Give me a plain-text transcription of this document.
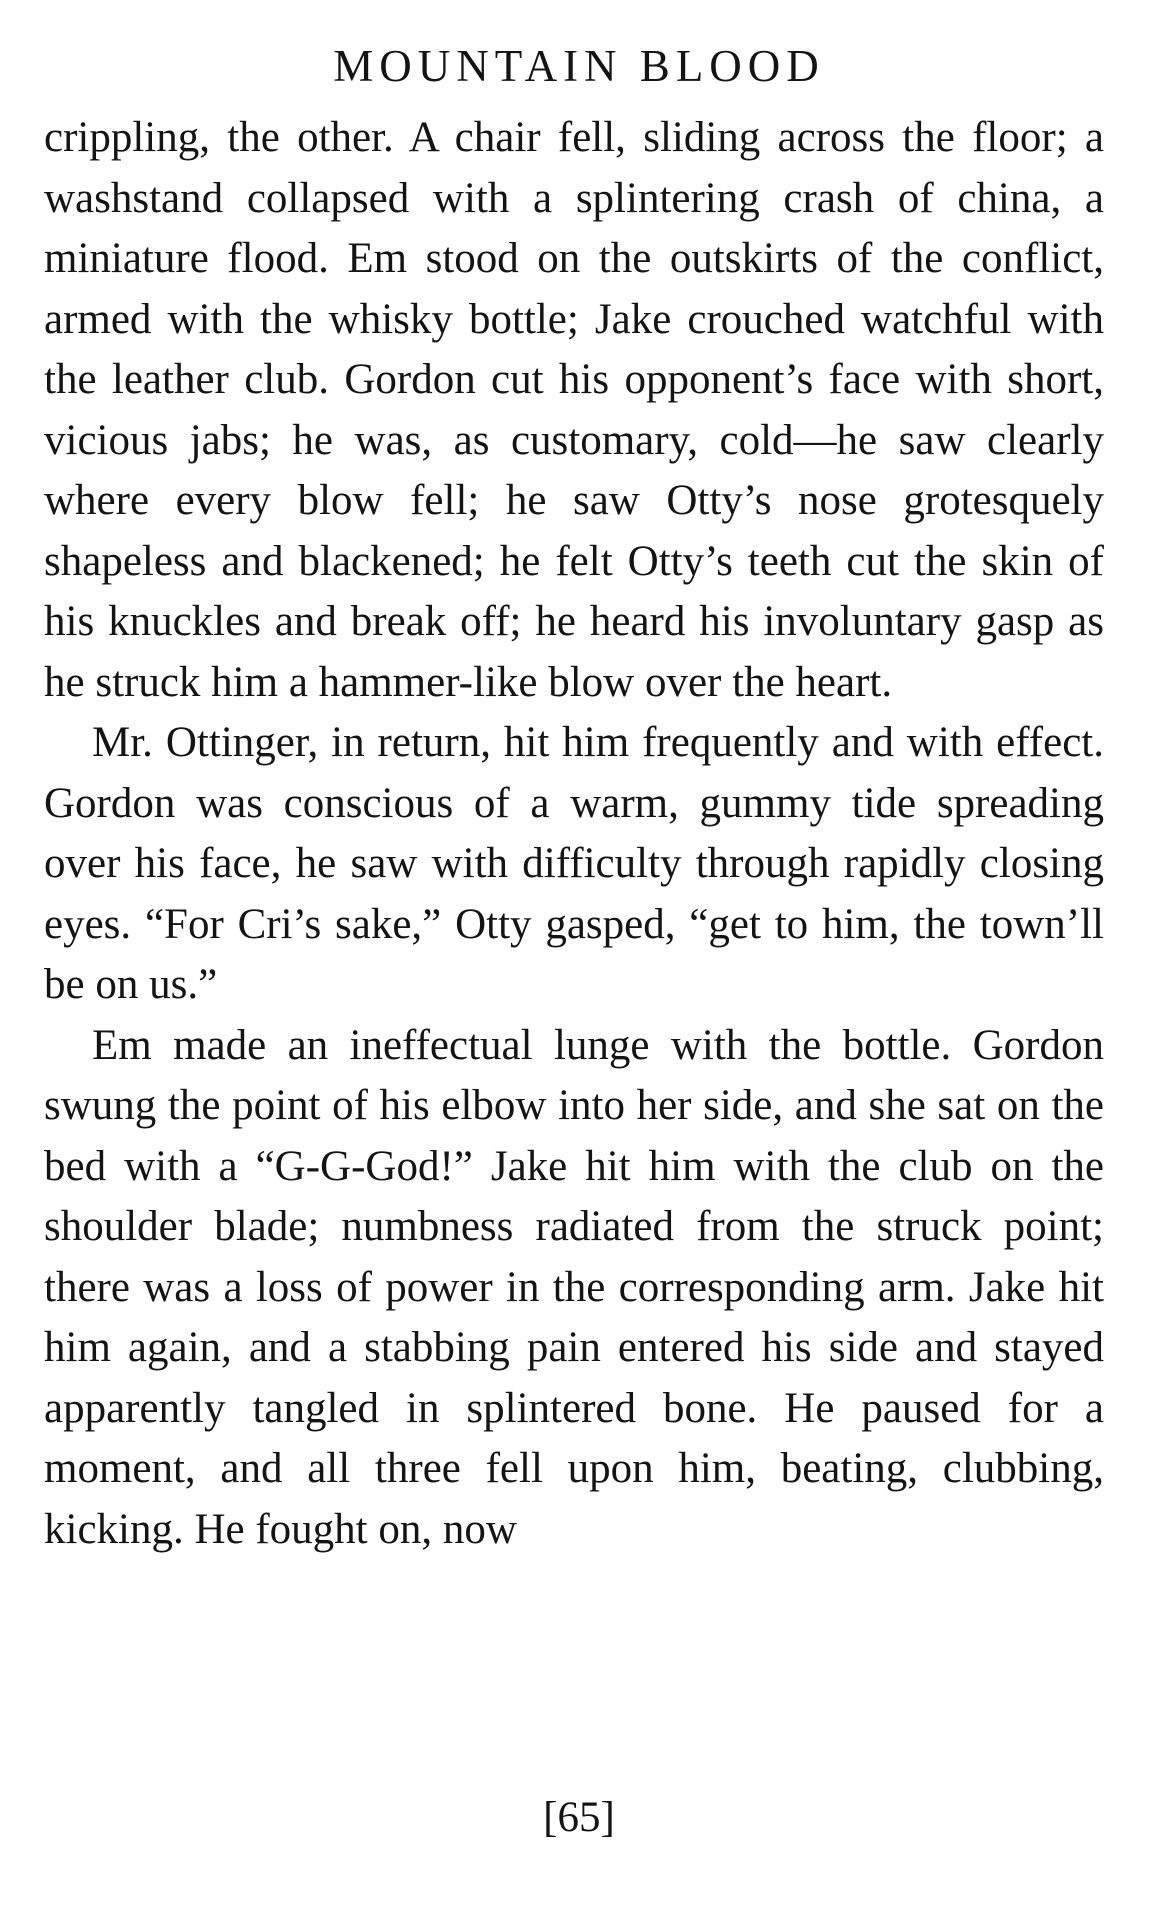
MOUNTAIN BLOOD

crippling, the other. A chair fell, sliding across the floor; a washstand collapsed with a splintering crash of china, a miniature flood. Em stood on the outskirts of the conflict, armed with the whisky bottle; Jake crouched watchful with the leather club. Gordon cut his opponent’s face with short, vicious jabs; he was, as customary, cold—he saw clearly where every blow fell; he saw Otty’s nose grotesquely shapeless and blackened; he felt Otty’s teeth cut the skin of his knuckles and break off; he heard his involuntary gasp as he struck him a hammer-like blow over the heart.

Mr. Ottinger, in return, hit him frequently and with effect. Gordon was conscious of a warm, gummy tide spreading over his face, he saw with difficulty through rapidly closing eyes. “For Cri’s sake,” Otty gasped, “get to him, the town’ll be on us.”

Em made an ineffectual lunge with the bottle. Gordon swung the point of his elbow into her side, and she sat on the bed with a “G-G-God!” Jake hit him with the club on the shoulder blade; numbness radiated from the struck point; there was a loss of power in the corresponding arm. Jake hit him again, and a stabbing pain entered his side and stayed apparently tangled in splintered bone. He paused for a moment, and all three fell upon him, beating, clubbing, kicking. He fought on, now

[65]
